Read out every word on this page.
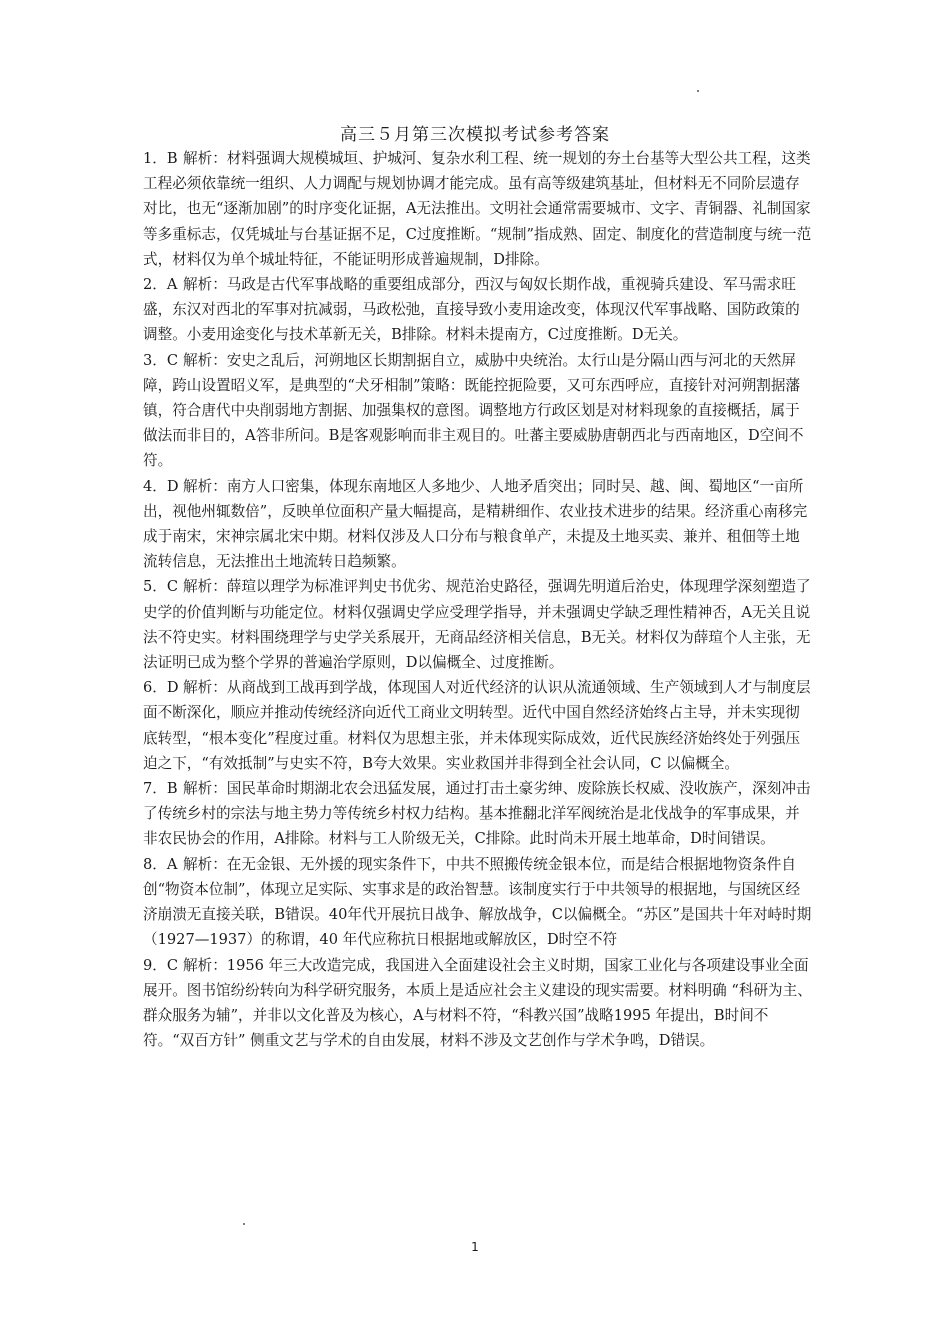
高三５月第三次模拟考试参考答案
1．B 解析：材料强调大规模城垣、护城河、复杂水利工程、统一规划的夯土台基等大型公共工程，这类工程必须依靠统一组织、人力调配与规划协调才能完成。虽有高等级建筑基址，但材料无不同阶层遗存对比，也无“逐渐加剧”的时序变化证据，A无法推出。文明社会通常需要城市、文字、青铜器、礼制国家等多重标志，仅凭城址与台基证据不足，C过度推断。“规制”指成熟、固定、制度化的营造制度与统一范式，材料仅为单个城址特征，不能证明形成普遍规制，D排除。
2．A 解析：马政是古代军事战略的重要组成部分，西汉与匈奴长期作战，重视骑兵建设、军马需求旺盛，东汉对西北的军事对抗减弱，马政松弛，直接导致小麦用途改变，体现汉代军事战略、国防政策的调整。小麦用途变化与技术革新无关，B排除。材料未提南方，C过度推断。D无关。
3．C 解析：安史之乱后，河朔地区长期割据自立，威胁中央统治。太行山是分隔山西与河北的天然屏障，跨山设置昭义军，是典型的“犬牙相制”策略：既能控扼险要，又可东西呼应，直接针对河朔割据藩镇，符合唐代中央削弱地方割据、加强集权的意图。调整地方行政区划是对材料现象的直接概括，属于做法而非目的，A答非所问。B是客观影响而非主观目的。吐蕃主要威胁唐朝西北与西南地区，D空间不符。
4．D 解析：南方人口密集，体现东南地区人多地少、人地矛盾突出；同时吴、越、闽、蜀地区“一亩所出，视他州辄数倍”，反映单位面积产量大幅提高，是精耕细作、农业技术进步的结果。经济重心南移完成于南宋，宋神宗属北宋中期。材料仅涉及人口分布与粮食单产，未提及土地买卖、兼并、租佃等土地流转信息，无法推出土地流转日趋频繁。
5．C 解析：薛瑄以理学为标准评判史书优劣、规范治史路径，强调先明道后治史，体现理学深刻塑造了史学的价值判断与功能定位。材料仅强调史学应受理学指导，并未强调史学缺乏理性精神否，A无关且说法不符史实。材料围绕理学与史学关系展开，无商品经济相关信息，B无关。材料仅为薛瑄个人主张，无法证明已成为整个学界的普遍治学原则，D以偏概全、过度推断。
6．D 解析：从商战到工战再到学战，体现国人对近代经济的认识从流通领域、生产领域到人才与制度层面不断深化，顺应并推动传统经济向近代工商业文明转型。近代中国自然经济始终占主导，并未实现彻底转型，“根本变化”程度过重。材料仅为思想主张，并未体现实际成效，近代民族经济始终处于列强压迫之下，“有效抵制”与史实不符，B夸大效果。实业救国并非得到全社会认同，C 以偏概全。
7．B 解析：国民革命时期湖北农会迅猛发展，通过打击土豪劣绅、废除族长权威、没收族产，深刻冲击了传统乡村的宗法与地主势力等传统乡村权力结构。基本推翻北洋军阀统治是北伐战争的军事成果，并非农民协会的作用，A排除。材料与工人阶级无关，C排除。此时尚未开展土地革命，D时间错误。
8．A 解析：在无金银、无外援的现实条件下，中共不照搬传统金银本位，而是结合根据地物资条件自创“物资本位制”，体现立足实际、实事求是的政治智慧。该制度实行于中共领导的根据地，与国统区经济崩溃无直接关联，B错误。40年代开展抗日战争、解放战争，C以偏概全。“苏区”是国共十年对峙时期（1927—1937）的称谓，40 年代应称抗日根据地或解放区，D时空不符
9．C 解析：1956 年三大改造完成，我国进入全面建设社会主义时期，国家工业化与各项建设事业全面展开。图书馆纷纷转向为科学研究服务，本质上是适应社会主义建设的现实需要。材料明确 “科研为主、群众服务为辅”，并非以文化普及为核心，A与材料不符，“科教兴国”战略1995 年提出，B时间不符。“双百方针” 侧重文艺与学术的自由发展，材料不涉及文艺创作与学术争鸣，D错误。
1
